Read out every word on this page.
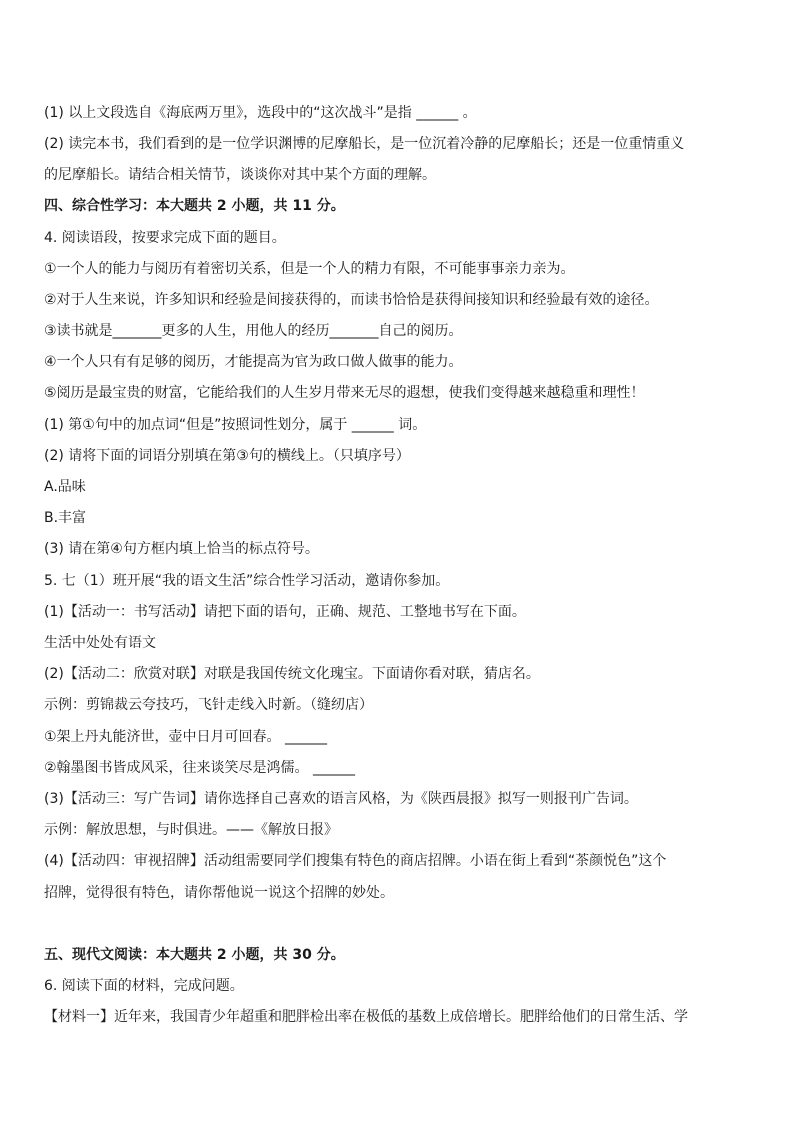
(1) 以上文段选自《海底两万里》，选段中的“这次战斗”是指 ______ 。
(2) 读完本书，我们看到的是一位学识渊博的尼摩船长，是一位沉着冷静的尼摩船长；还是一位重情重义
的尼摩船长。请结合相关情节，谈谈你对其中某个方面的理解。
四、综合性学习：本大题共 2 小题，共 11 分。
4. 阅读语段，按要求完成下面的题目。
①一个人的能力与阅历有着密切关系，但是一个人的精力有限，不可能事事亲力亲为。
②对于人生来说，许多知识和经验是间接获得的，而读书恰恰是获得间接知识和经验最有效的途径。
③读书就是_______更多的人生，用他人的经历_______自己的阅历。
④一个人只有有足够的阅历，才能提高为官为政口做人做事的能力。
⑤阅历是最宝贵的财富，它能给我们的人生岁月带来无尽的遐想，使我们变得越来越稳重和理性！
(1) 第①句中的加点词“但是”按照词性划分，属于 ______ 词。
(2) 请将下面的词语分别填在第③句的横线上。（只填序号）
A.品味
B.丰富
(3) 请在第④句方框内填上恰当的标点符号。
5. 七（1）班开展“我的语文生活”综合性学习活动，邀请你参加。
(1)【活动一：书写活动】请把下面的语句，正确、规范、工整地书写在下面。
生活中处处有语文
(2)【活动二：欣赏对联】对联是我国传统文化瑰宝。下面请你看对联，猜店名。
示例：剪锦裁云夸技巧，飞针走线入时新。（缝纫店）
①架上丹丸能济世，壶中日月可回春。 ______
②翰墨图书皆成风采，往来谈笑尽是鸿儒。 ______
(3)【活动三：写广告词】请你选择自己喜欢的语言风格，为《陕西晨报》拟写一则报刊广告词。
示例：解放思想，与时俱进。——《解放日报》
(4)【活动四：审视招牌】活动组需要同学们搜集有特色的商店招牌。小语在街上看到“茶颜悦色”这个
招牌，觉得很有特色，请你帮他说一说这个招牌的妙处。
五、现代文阅读：本大题共 2 小题，共 30 分。
6. 阅读下面的材料，完成问题。
【材料一】近年来，我国青少年超重和肥胖检出率在极低的基数上成倍增长。肥胖给他们的日常生活、学
